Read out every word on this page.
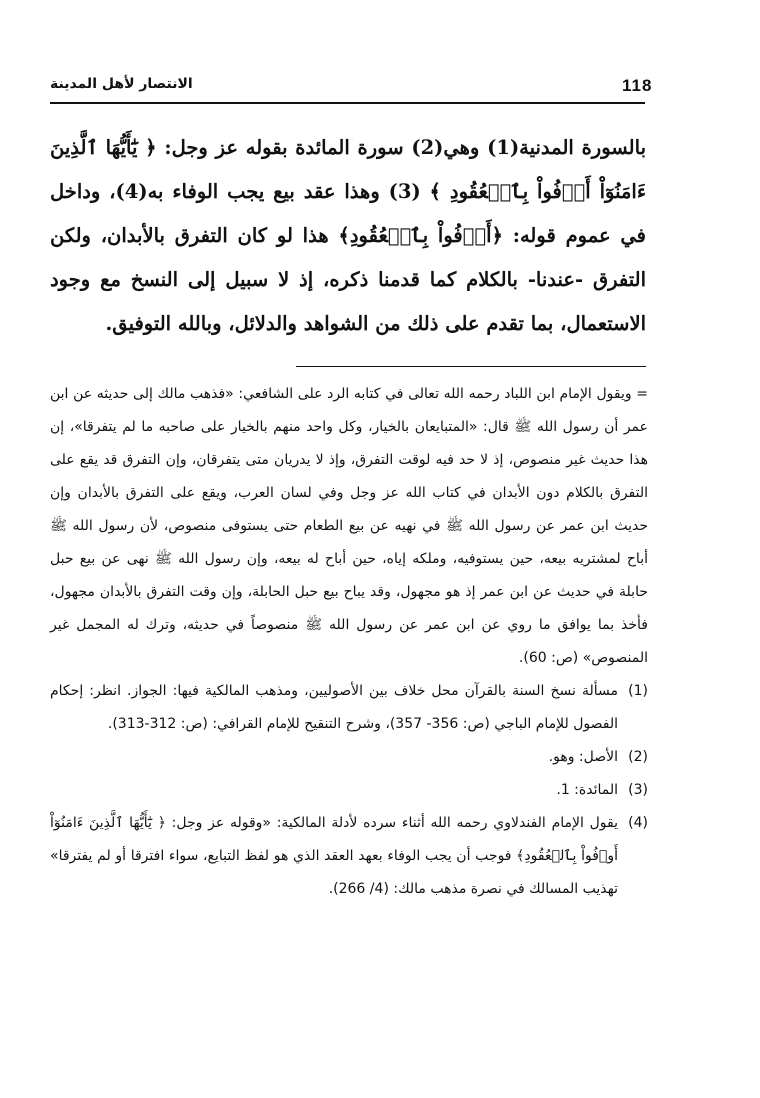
الانتصار لأهل المدينة	118

بالسورة المدنية(1) وهي(2) سورة المائدة بقوله عز وجل: ﴿ يَٰٓأَيُّهَا ٱلَّذِينَ ءَامَنُوٓاْ أَوۡفُواْ بِٱلۡعُقُودِ ﴾ (3) وهذا عقد بيع يجب الوفاء به(4)، وداخل في عموم قوله: ﴿أَوۡفُواْ بِٱلۡعُقُودِ﴾ هذا لو كان التفرق بالأبدان، ولكن التفرق -عندنا- بالكلام كما قدمنا ذكره، إذ لا سبيل إلى النسخ مع وجود الاستعمال، بما تقدم على ذلك من الشواهد والدلائل، وبالله التوفيق.

= ويقول الإمام ابن اللباد رحمه الله تعالى في كتابه الرد على الشافعي: «فذهب مالك إلى حديثه عن ابن عمر أن رسول الله ﷺ قال: «المتبايعان بالخيار، وكل واحد منهم بالخيار على صاحبه ما لم يتفرقا»، إن هذا حديث غير منصوص، إذ لا حد فيه لوقت التفرق، وإذ لا يدريان متى يتفرقان، وإن التفرق قد يقع على التفرق بالكلام دون الأبدان في كتاب الله عز وجل وفي لسان العرب، ويقع على التفرق بالأبدان وإن حديث ابن عمر عن رسول الله ﷺ في نهيه عن بيع الطعام حتى يستوفى منصوص، لأن رسول الله ﷺ أباح لمشتريه بيعه، حين يستوفيه، وملكه إياه، حين أباح له بيعه، وإن رسول الله ﷺ نهى عن بيع حبل حابلة في حديث عن ابن عمر إذ هو مجهول، وقد يباح بيع حبل الحابلة، وإن وقت التفرق بالأبدان مجهول، فأخذ بما يوافق ما روي عن ابن عمر عن رسول الله ﷺ منصوصاً في حديثه، وترك له المجمل غير المنصوص» (ص: 60).

(1)
مسألة نسخ السنة بالقرآن محل خلاف بين الأصوليين، ومذهب المالكية فيها: الجواز. انظر: إحكام الفصول للإمام الباجي (ص: 356- 357)، وشرح التنقيح للإمام القرافي: (ص: 312-313).
(2)
الأصل: وهو.
(3)
المائدة: 1.
(4)
يقول الإمام الفندلاوي رحمه الله أثناء سرده لأدلة المالكية: «وقوله عز وجل: ﴿ يَٰٓأَيُّهَا ٱلَّذِينَ ءَامَنُوٓاْ أَوۡفُواْ بِٱلۡعُقُودِ﴾ فوجب أن يجب الوفاء بعهد العقد الذي هو لفظ التبايع، سواء افترقا أو لم يفترقا» تهذيب المسالك في نصرة مذهب مالك: (4/ 266).
